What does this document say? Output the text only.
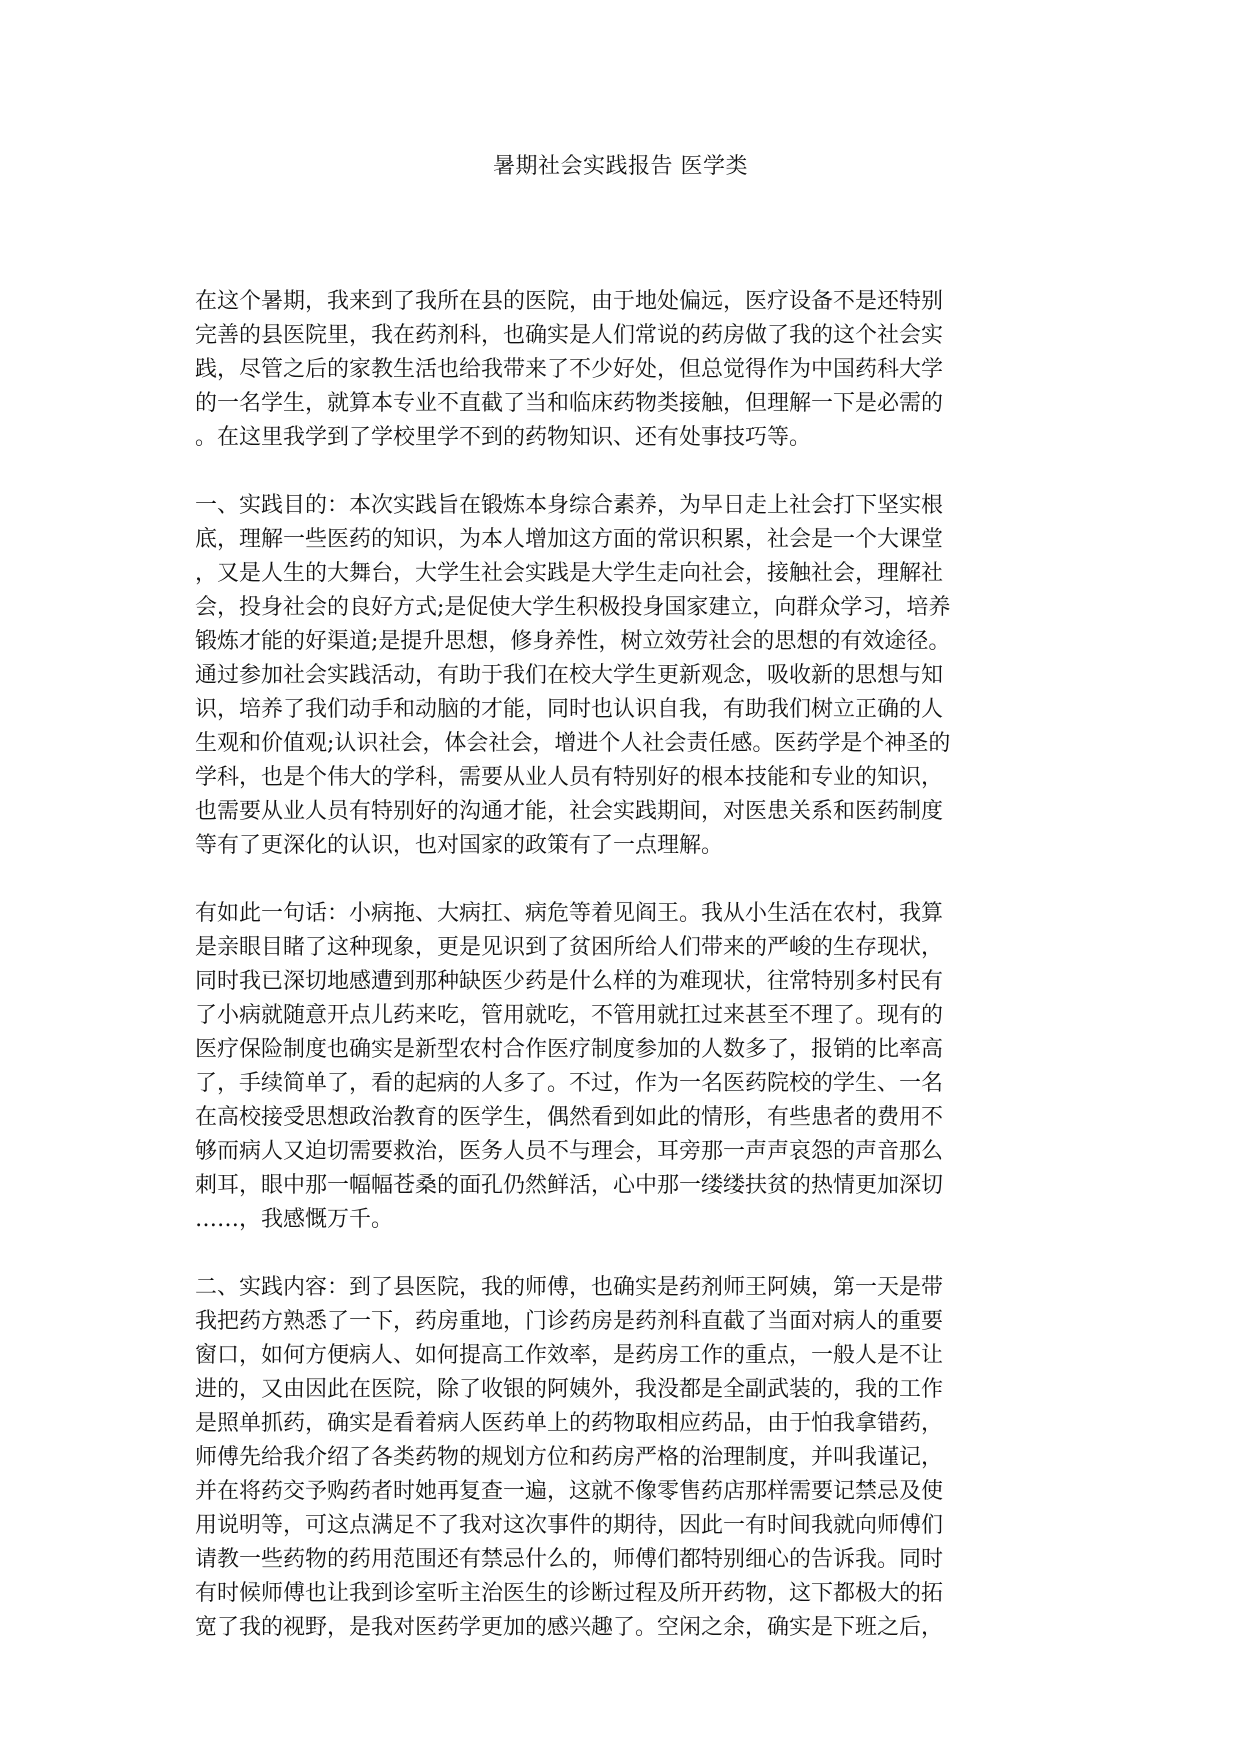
暑期社会实践报告 医学类
在这个暑期，我来到了我所在县的医院，由于地处偏远，医疗设备不是还特别
完善的县医院里，我在药剂科，也确实是人们常说的药房做了我的这个社会实
践，尽管之后的家教生活也给我带来了不少好处，但总觉得作为中国药科大学
的一名学生，就算本专业不直截了当和临床药物类接触，但理解一下是必需的
。在这里我学到了学校里学不到的药物知识、还有处事技巧等。
一、实践目的：本次实践旨在锻炼本身综合素养，为早日走上社会打下坚实根
底，理解一些医药的知识，为本人增加这方面的常识积累，社会是一个大课堂
，又是人生的大舞台，大学生社会实践是大学生走向社会，接触社会，理解社
会，投身社会的良好方式;是促使大学生积极投身国家建立，向群众学习，培养
锻炼才能的好渠道;是提升思想，修身养性，树立效劳社会的思想的有效途径。
通过参加社会实践活动，有助于我们在校大学生更新观念，吸收新的思想与知
识，培养了我们动手和动脑的才能，同时也认识自我，有助我们树立正确的人
生观和价值观;认识社会，体会社会，增进个人社会责任感。医药学是个神圣的
学科，也是个伟大的学科，需要从业人员有特别好的根本技能和专业的知识，
也需要从业人员有特别好的沟通才能，社会实践期间，对医患关系和医药制度
等有了更深化的认识，也对国家的政策有了一点理解。
有如此一句话：小病拖、大病扛、病危等着见阎王。我从小生活在农村，我算
是亲眼目睹了这种现象，更是见识到了贫困所给人们带来的严峻的生存现状，
同时我已深切地感遭到那种缺医少药是什么样的为难现状，往常特别多村民有
了小病就随意开点儿药来吃，管用就吃，不管用就扛过来甚至不理了。现有的
医疗保险制度也确实是新型农村合作医疗制度参加的人数多了，报销的比率高
了，手续简单了，看的起病的人多了。不过，作为一名医药院校的学生、一名
在高校接受思想政治教育的医学生，偶然看到如此的情形，有些患者的费用不
够而病人又迫切需要救治，医务人员不与理会，耳旁那一声声哀怨的声音那么
刺耳，眼中那一幅幅苍桑的面孔仍然鲜活，心中那一缕缕扶贫的热情更加深切
……，我感慨万千。
二、实践内容：到了县医院，我的师傅，也确实是药剂师王阿姨，第一天是带
我把药方熟悉了一下，药房重地，门诊药房是药剂科直截了当面对病人的重要
窗口，如何方便病人、如何提高工作效率，是药房工作的重点，一般人是不让
进的，又由因此在医院，除了收银的阿姨外，我没都是全副武装的，我的工作
是照单抓药，确实是看着病人医药单上的药物取相应药品，由于怕我拿错药，
师傅先给我介绍了各类药物的规划方位和药房严格的治理制度，并叫我谨记，
并在将药交予购药者时她再复查一遍，这就不像零售药店那样需要记禁忌及使
用说明等，可这点满足不了我对这次事件的期待，因此一有时间我就向师傅们
请教一些药物的药用范围还有禁忌什么的，师傅们都特别细心的告诉我。同时
有时候师傅也让我到诊室听主治医生的诊断过程及所开药物，这下都极大的拓
宽了我的视野，是我对医药学更加的感兴趣了。空闲之余，确实是下班之后，
